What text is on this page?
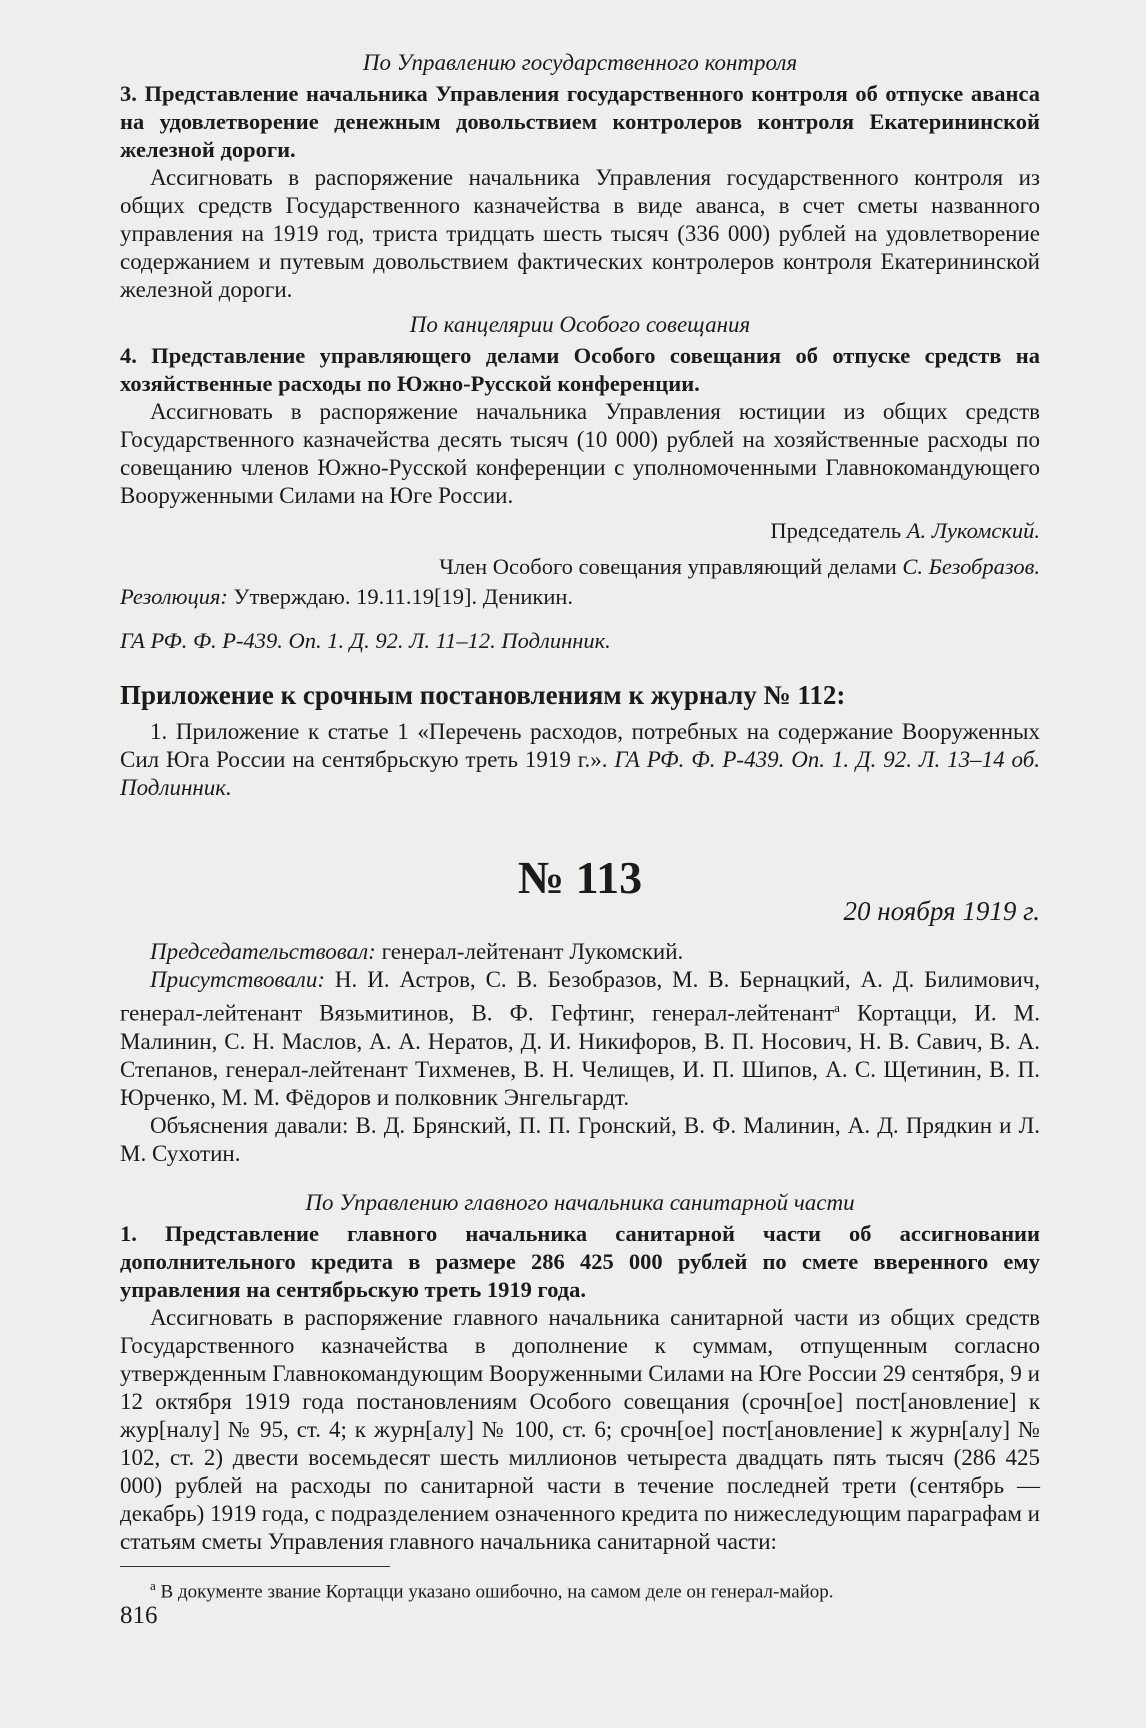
По Управлению государственного контроля

3. Представление начальника Управления государственного контроля об отпуске аванса на удовлетворение денежным довольствием контролеров контроля Екатерининской железной дороги.

Ассигновать в распоряжение начальника Управления государственного контроля из общих средств Государственного казначейства в виде аванса, в счет сметы названного управления на 1919 год, триста тридцать шесть тысяч (336 000) рублей на удовлетворение содержанием и путевым довольствием фактических контролеров контроля Екатерининской железной дороги.

По канцелярии Особого совещания

4. Представление управляющего делами Особого совещания об отпуске средств на хозяйственные расходы по Южно-Русской конференции.

Ассигновать в распоряжение начальника Управления юстиции из общих средств Государственного казначейства десять тысяч (10 000) рублей на хозяйственные расходы по совещанию членов Южно-Русской конференции с уполномоченными Главнокомандующего Вооруженными Силами на Юге России.

Председатель А. Лукомский.

Член Особого совещания управляющий делами С. Безобразов.

Резолюция: Утверждаю. 19.11.19[19]. Деникин.

ГА РФ. Ф. Р-439. Оп. 1. Д. 92. Л. 11–12. Подлинник.

Приложение к срочным постановлениям к журналу № 112:

1. Приложение к статье 1 «Перечень расходов, потребных на содержание Вооруженных Сил Юга России на сентябрьскую треть 1919 г.». ГА РФ. Ф. Р-439. Оп. 1. Д. 92. Л. 13–14 об. Подлинник.

№ 113

20 ноября 1919 г.

Председательствовал: генерал-лейтенант Лукомский.

Присутствовали: Н. И. Астров, С. В. Безобразов, М. В. Бернацкий, А. Д. Билимович, генерал-лейтенант Вязьмитинов, В. Ф. Гефтинг, генерал-лейтенант$^а$ Кортацци, И. М. Малинин, С. Н. Маслов, А. А. Нератов, Д. И. Никифоров, В. П. Носович, Н. В. Савич, В. А. Степанов, генерал-лейтенант Тихменев, В. Н. Челищев, И. П. Шипов, А. С. Щетинин, В. П. Юрченко, М. М. Фёдоров и полковник Энгельгардт.

Объяснения давали: В. Д. Брянский, П. П. Гронский, В. Ф. Малинин, А. Д. Прядкин и Л. М. Сухотин.

По Управлению главного начальника санитарной части

1. Представление главного начальника санитарной части об ассигновании дополнительного кредита в размере 286 425 000 рублей по смете вверенного ему управления на сентябрьскую треть 1919 года.

Ассигновать в распоряжение главного начальника санитарной части из общих средств Государственного казначейства в дополнение к суммам, отпущенным согласно утвержденным Главнокомандующим Вооруженными Силами на Юге России 29 сентября, 9 и 12 октября 1919 года постановлениям Особого совещания (срочн[ое] пост[ановление] к жур[налу] № 95, ст. 4; к журн[алу] № 100, ст. 6; срочн[ое] пост[ановление] к журн[алу] № 102, ст. 2) двести восемьдесят шесть миллионов четыреста двадцать пять тысяч (286 425 000) рублей на расходы по санитарной части в течение последней трети (сентябрь — декабрь) 1919 года, с подразделением означенного кредита по нижеследующим параграфам и статьям сметы Управления главного начальника санитарной части:

$^а$ В документе звание Кортацци указано ошибочно, на самом деле он генерал-майор.

816
